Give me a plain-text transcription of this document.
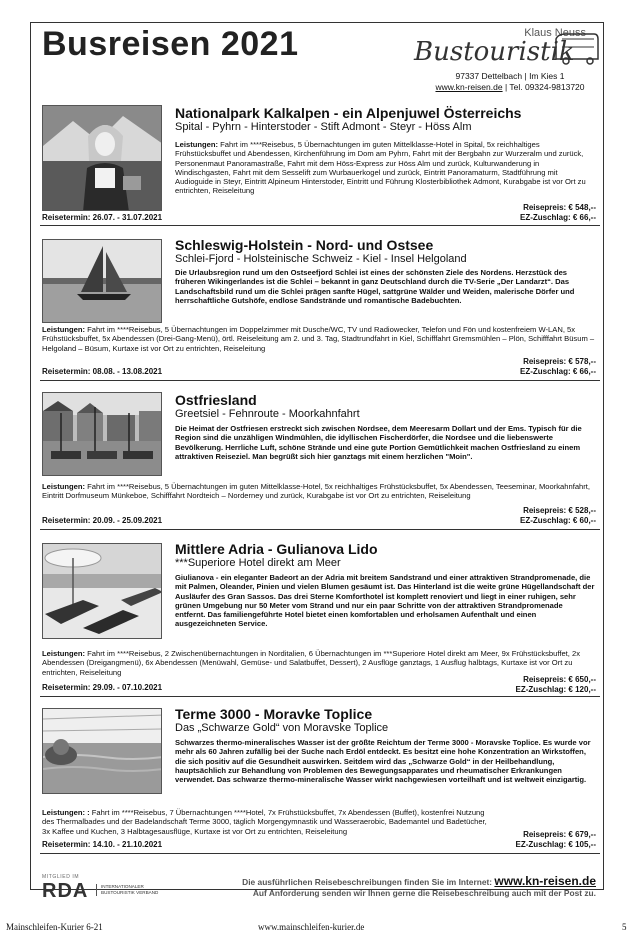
Busreisen 2021	Klaus Neuss
Bustouristik
97337 Dettelbach | Im Kies 1
www.kn-reisen.de | Tel. 09324-9813720
Nationalpark Kalkalpen - ein Alpenjuwel Österreichs
Spital - Pyhrn - Hinterstoder - Stift Admont - Steyr - Höss Alm
Leistungen: Fahrt im ****Reisebus, 5 Übernachtungen im guten Mittelklasse-Hotel in Spital, 5x reichhaltiges Frühstücksbuffet und Abendessen, Kirchenführung im Dom am Pyhrn, Fahrt mit der Bergbahn zur Wurzeralm und zurück, Personenmaut Panoramastraße, Fahrt mit dem Höss-Express zur Höss Alm und zurück, Kulturwanderung in Windischgasten, Fahrt mit dem Sesselift zum Wurbauerkogel und zurück, Eintritt Panoramaturm, Stadtführung mit Audioguide in Steyr, Eintritt Alpineum Hinterstoder, Eintritt und Führung Klosterbibliothek Admont, Kurabgabe ist vor Ort zu entrichten, Reiseleitung
Reisetermin: 26.07. - 31.07.2021
Reisepreis: € 548,--
EZ-Zuschlag: € 66,--
Schleswig-Holstein - Nord- und Ostsee
Schlei-Fjord - Holsteinische Schweiz - Kiel - Insel Helgoland
Die Urlaubsregion rund um den Ostseefjord Schlei ist eines der schönsten Ziele des Nordens. Herzstück des früheren Wikingerlandes ist die Schlei – bekannt in ganz Deutschland durch die TV-Serie „Der Landarzt“. Das Landschaftsbild rund um die Schlei prägen sanfte Hügel, sattgrüne Wälder und Weiden, malerische Dörfer und herrschaftliche Gutshöfe, endlose Sandstrände und romantische Badebuchten.
Leistungen: Fahrt im ****Reisebus, 5 Übernachtungen im Doppelzimmer mit Dusche/WC, TV und Radiowecker, Telefon und Fön und kostenfreiem W-LAN, 5x Frühstücksbuffet, 5x Abendessen (Drei-Gang-Menü), örtl. Reiseleitung am 2. und 3. Tag, Stadtrundfahrt in Kiel, Schifffahrt Gremsmühlen – Plön, Schifffahrt Büsum – Helgoland – Büsum, Kurtaxe ist vor Ort zu entrichten, Reiseleitung
Reisetermin: 08.08. - 13.08.2021
Reisepreis: € 578,--
EZ-Zuschlag: € 66,--
Ostfriesland
Greetsiel - Fehnroute - Moorkahnfahrt
Die Heimat der Ostfriesen erstreckt sich zwischen Nordsee, dem Meeresarm Dollart und der Ems. Typisch für die Region sind die unzähligen Windmühlen, die idyllischen Fischerdörfer, die Nordsee und die liebenswerte Bevölkerung. Herrliche Luft, schöne Strände und eine gute Portion Gemütlichkeit machen Ostfriesland zu einem attraktiven Reiseziel. Man begrüßt sich hier ganztags mit einem herzlichen "Moin".
Leistungen: Fahrt im ****Reisebus, 5 Übernachtungen im guten Mittelklasse-Hotel, 5x reichhaltiges Frühstücksbuffet, 5x Abendessen, Teeseminar, Moorkahnfahrt, Eintritt Dorfmuseum Münkeboe, Schifffahrt Nordteich – Norderney und zurück, Kurabgabe ist vor Ort zu entrichten, Reiseleitung
Reisetermin: 20.09. - 25.09.2021
Reisepreis: € 528,--
EZ-Zuschlag: € 60,--
Mittlere Adria - Gulianova Lido
***Superiore Hotel direkt am Meer
Giulianova - ein eleganter Badeort an der Adria mit breitem Sandstrand und einer attraktiven Strandpromenade, die mit Palmen, Oleander, Pinien und vielen Blumen gesäumt ist. Das Hinterland ist die weite grüne Hügellandschaft der Ausläufer des Gran Sassos. Das drei Sterne Komforthotel ist komplett renoviert und liegt in einer ruhigen, sehr grünen Umgebung nur 50 Meter vom Strand und nur ein paar Schritte von der attraktiven Strandpromenade entfernt. Das familiengeführte Hotel bietet einen komfortablen und erholsamen Aufenthalt und einen ausgezeichneten Service.
Leistungen: Fahrt im ****Reisebus, 2 Zwischenübernachtungen in Norditalien, 6 Übernachtungen im ***Superiore Hotel direkt am Meer, 9x Frühstücksbuffet, 2x Abendessen (Dreigangmenü), 6x Abendessen (Menüwahl, Gemüse- und Salatbuffet, Dessert), 2 Ausflüge ganztags, 1 Ausflug halbtags, Kurtaxe ist vor Ort zu entrichten, Reiseleitung
Reisetermin: 29.09. - 07.10.2021
Reisepreis: € 650,--
EZ-Zuschlag: € 120,--
Terme 3000 - Moravke Toplice
Das „Schwarze Gold“ von Moravske Toplice
Schwarzes thermo-mineralisches Wasser ist der größte Reichtum der Terme 3000 - Moravske Toplice. Es wurde vor mehr als 60 Jahren zufällig bei der Suche nach Erdöl entdeckt. Es besitzt eine hohe Konzentration an Wirkstoffen, die sich positiv auf die Gesundheit auswirken. Seitdem wird das „Schwarze Gold“ in der Heilbehandlung, hauptsächlich zur Behandlung von Problemen des Bewegungsapparates und rheumatischer Erkrankungen verwendet. Das schwarze thermo-mineralische Wasser wirkt nachgewiesen vorteilhaft und ist weltweit einzigartig.
Leistungen: : Fahrt im ****Reisebus, 7 Übernachtungen ****Hotel, 7x Frühstücksbuffet, 7x Abendessen (Buffet), kostenfrei Nutzung des Thermalbades und der Badelandschaft Terme 3000, täglich Morgengymnastik und Wasseraerobic, Bademantel und Badetücher, 3x Kaffee und Kuchen, 3 Halbtagesausflüge, Kurtaxe ist vor Ort zu entrichten, Reiseleitung
Reisetermin: 14.10. - 21.10.2021
Reisepreis: € 679,--
EZ-Zuschlag: € 105,--
MITGLIED IM
RDA	INTERNATIONALER
BUSTOURISTIK VERBAND
Die ausführlichen Reisebeschreibungen finden Sie im Internet: www.kn-reisen.de
Auf Anforderung senden wir Ihnen gerne die Reisebeschreibung auch mit der Post zu.
Mainschleifen-Kurier 6-21	www.mainschleifen-kurier.de	5
